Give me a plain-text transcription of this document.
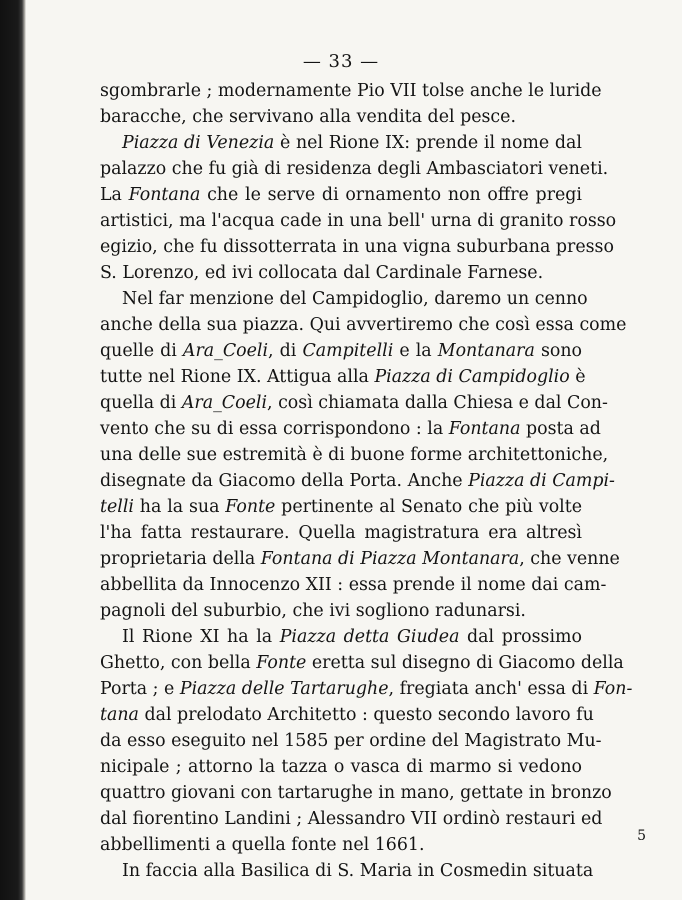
— 33 —
sgombrarle ; modernamente Pio VII tolse anche le luride
baracche, che servivano alla vendita del pesce.
Piazza di Venezia è nel Rione IX: prende il nome dal
palazzo che fu già di residenza degli Ambasciatori veneti.
La Fontana che le serve di ornamento non offre pregi
artistici, ma l'acqua cade in una bell' urna di granito rosso
egizio, che fu dissotterrata in una vigna suburbana presso
S. Lorenzo, ed ivi collocata dal Cardinale Farnese.
Nel far menzione del Campidoglio, daremo un cenno
anche della sua piazza. Qui avvertiremo che così essa come
quelle di Ara_Coeli, di Campitelli e la Montanara sono
tutte nel Rione IX. Attigua alla Piazza di Campidoglio è
quella di Ara_Coeli, così chiamata dalla Chiesa e dal Con-
vento che su di essa corrispondono : la Fontana posta ad
una delle sue estremità è di buone forme architettoniche,
disegnate da Giacomo della Porta. Anche Piazza di Campi-
telli ha la sua Fonte pertinente al Senato che più volte
l'ha fatta restaurare. Quella magistratura era altresì
proprietaria della Fontana di Piazza Montanara, che venne
abbellita da Innocenzo XII : essa prende il nome dai cam-
pagnoli del suburbio, che ivi sogliono radunarsi.
Il Rione XI ha la Piazza detta Giudea dal prossimo
Ghetto, con bella Fonte eretta sul disegno di Giacomo della
Porta ; e Piazza delle Tartarughe, fregiata anch' essa di Fon-
tana dal prelodato Architetto : questo secondo lavoro fu
da esso eseguito nel 1585 per ordine del Magistrato Mu-
nicipale ; attorno la tazza o vasca di marmo si vedono
quattro giovani con tartarughe in mano, gettate in bronzo
dal fiorentino Landini ; Alessandro VII ordinò restauri ed
abbellimenti a quella fonte nel 1661.
In faccia alla Basilica di S. Maria in Cosmedin situata
5
